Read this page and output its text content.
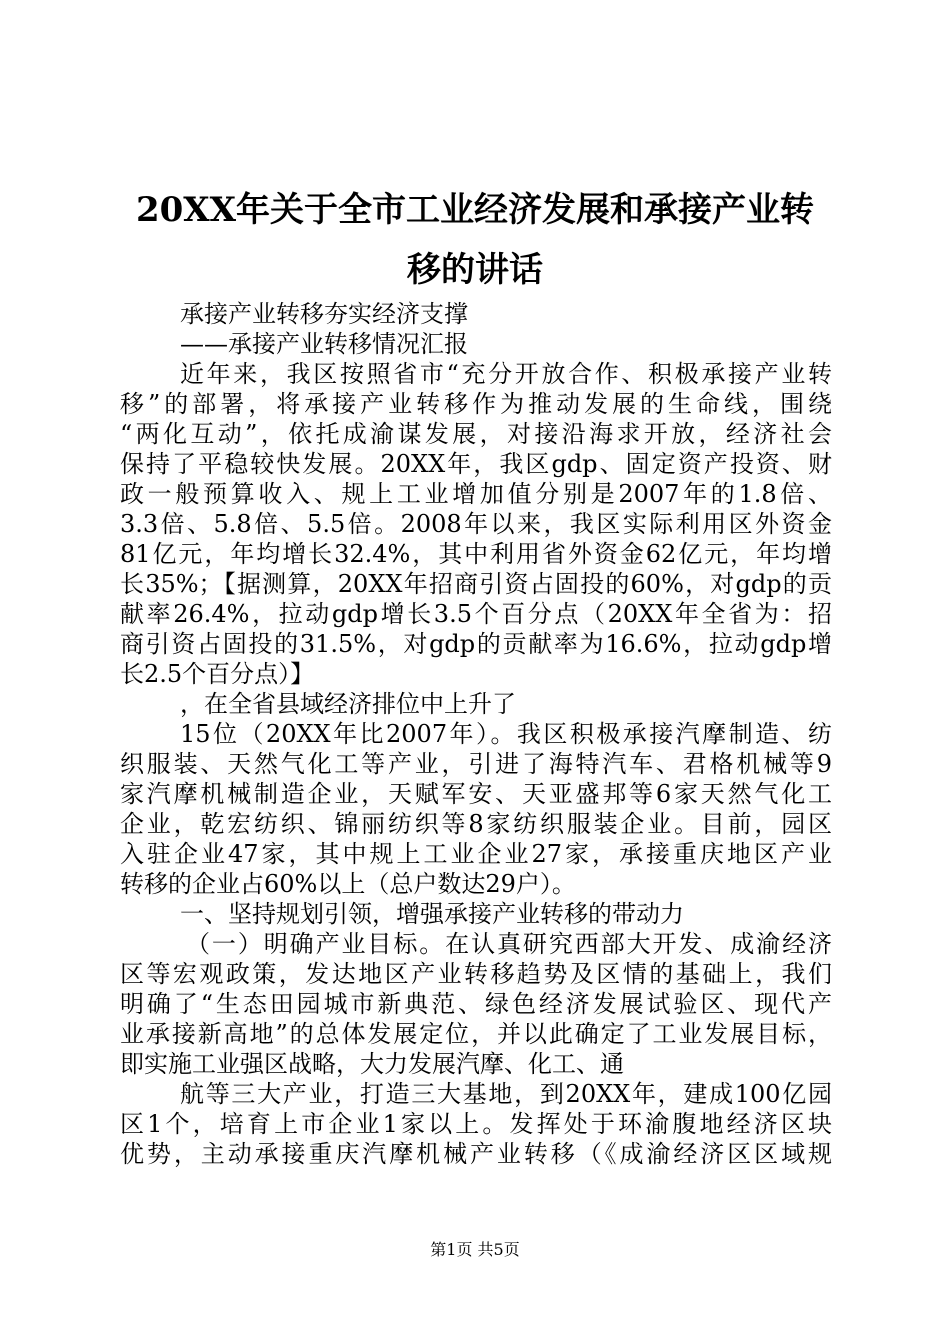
20XX年关于全市工业经济发展和承接产业转
移的讲话
承接产业转移夯实经济支撑
——承接产业转移情况汇报
近年来，我区按照省市“充分开放合作、积极承接产业转
移”的部署，将承接产业转移作为推动发展的生命线，围绕
“两化互动”，依托成渝谋发展，对接沿海求开放，经济社会
保持了平稳较快发展。20XX年，我区gdp、固定资产投资、财
政一般预算收入、规上工业增加值分别是2007年的1.8倍、
3.3倍、5.8倍、5.5倍。2008年以来，我区实际利用区外资金
81亿元，年均增长32.4%，其中利用省外资金62亿元，年均增
长35%；【据测算，20XX年招商引资占固投的60%，对gdp的贡
献率26.4%，拉动gdp增长3.5个百分点（20XX年全省为：招
商引资占固投的31.5%，对gdp的贡献率为16.6%，拉动gdp增
长2.5个百分点）】
，在全省县域经济排位中上升了
15位（20XX年比2007年）。我区积极承接汽摩制造、纺
织服装、天然气化工等产业，引进了海特汽车、君格机械等9
家汽摩机械制造企业，天赋军安、天亚盛邦等6家天然气化工
企业，乾宏纺织、锦丽纺织等8家纺织服装企业。目前，园区
入驻企业47家，其中规上工业企业27家，承接重庆地区产业
转移的企业占60%以上（总户数达29户）。
一、坚持规划引领，增强承接产业转移的带动力
（一）明确产业目标。在认真研究西部大开发、成渝经济
区等宏观政策，发达地区产业转移趋势及区情的基础上，我们
明确了“生态田园城市新典范、绿色经济发展试验区、现代产
业承接新高地”的总体发展定位，并以此确定了工业发展目标，
即实施工业强区战略，大力发展汽摩、化工、通
航等三大产业，打造三大基地，到20XX年，建成100亿园
区1个，培育上市企业1家以上。发挥处于环渝腹地经济区块
优势，主动承接重庆汽摩机械产业转移（《成渝经济区区域规
第1页 共5页
